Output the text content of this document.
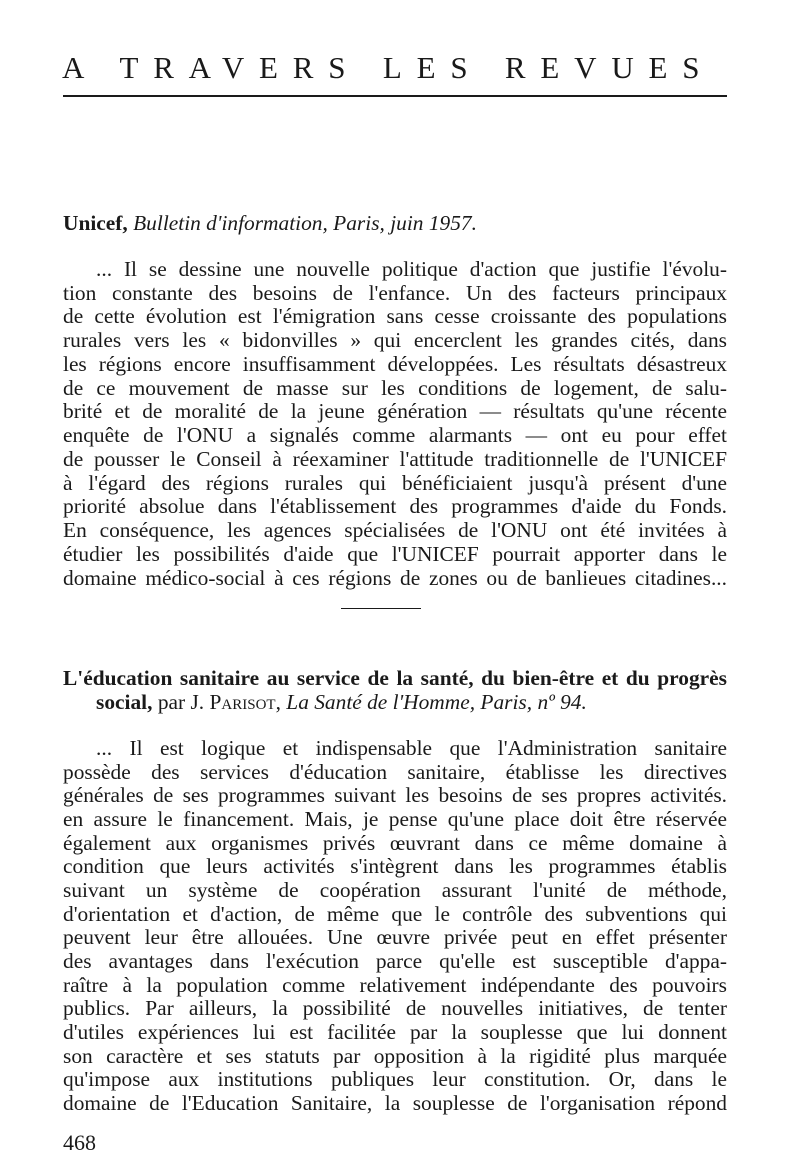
A TRAVERS LES REVUES
Unicef, Bulletin d'information, Paris, juin 1957.
... Il se dessine une nouvelle politique d'action que justifie l'évolu-
tion constante des besoins de l'enfance. Un des facteurs principaux
de cette évolution est l'émigration sans cesse croissante des populations
rurales vers les « bidonvilles » qui encerclent les grandes cités, dans
les régions encore insuffisamment développées. Les résultats désastreux
de ce mouvement de masse sur les conditions de logement, de salu-
brité et de moralité de la jeune génération — résultats qu'une récente
enquête de l'ONU a signalés comme alarmants — ont eu pour effet
de pousser le Conseil à réexaminer l'attitude traditionnelle de l'UNICEF
à l'égard des régions rurales qui bénéficiaient jusqu'à présent d'une
priorité absolue dans l'établissement des programmes d'aide du Fonds.
En conséquence, les agences spécialisées de l'ONU ont été invitées à
étudier les possibilités d'aide que l'UNICEF pourrait apporter dans le
domaine médico-social à ces régions de zones ou de banlieues citadines...
L'éducation sanitaire au service de la santé, du bien-être et du progrès
social, par J. Parisot, La Santé de l'Homme, Paris, nº 94.
... Il est logique et indispensable que l'Administration sanitaire
possède des services d'éducation sanitaire, établisse les directives
générales de ses programmes suivant les besoins de ses propres activités.
en assure le financement. Mais, je pense qu'une place doit être réservée
également aux organismes privés œuvrant dans ce même domaine à
condition que leurs activités s'intègrent dans les programmes établis
suivant un système de coopération assurant l'unité de méthode,
d'orientation et d'action, de même que le contrôle des subventions qui
peuvent leur être allouées. Une œuvre privée peut en effet présenter
des avantages dans l'exécution parce qu'elle est susceptible d'appa-
raître à la population comme relativement indépendante des pouvoirs
publics. Par ailleurs, la possibilité de nouvelles initiatives, de tenter
d'utiles expériences lui est facilitée par la souplesse que lui donnent
son caractère et ses statuts par opposition à la rigidité plus marquée
qu'impose aux institutions publiques leur constitution. Or, dans le
domaine de l'Education Sanitaire, la souplesse de l'organisation répond
468
